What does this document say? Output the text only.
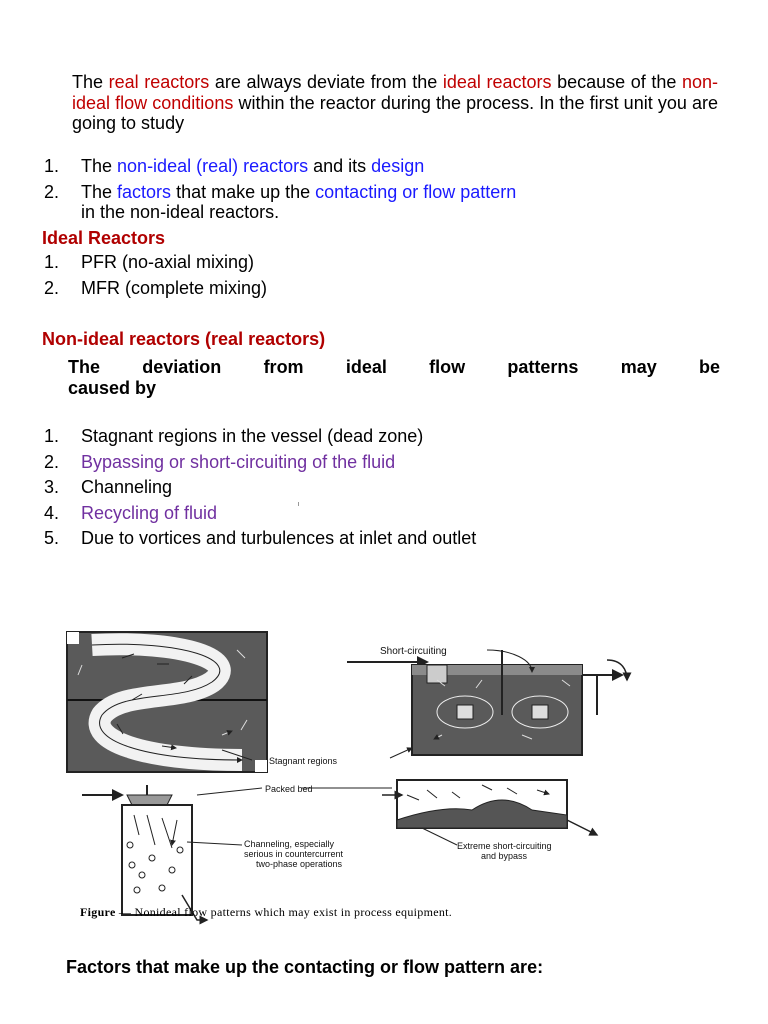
The real reactors are always deviate from the ideal reactors because of the non-ideal flow conditions within the reactor during the process. In the first unit you are going to study
1. The non-ideal (real) reactors and its design
2. The factors that make up the contacting or flow pattern
in the non-ideal reactors.
Ideal Reactors
1. PFR (no-axial mixing)
2. MFR (complete mixing)
Non-ideal reactors (real reactors)
The deviation from ideal flow patterns may be
caused by
1. Stagnant regions in the vessel (dead zone)
2. Bypassing or short-circuiting of the fluid
3. Channeling
4. Recycling of fluid
5. Due to vortices and turbulences at inlet and outlet
Short-circuiting
Stagnant regions
Packed bed
Channeling, especially
serious in countercurrent
two-phase operations
Extreme short-circuiting
and bypass
Figure — Nonideal flow patterns which may exist in process equipment.
Factors that make up the contacting or flow pattern are:
